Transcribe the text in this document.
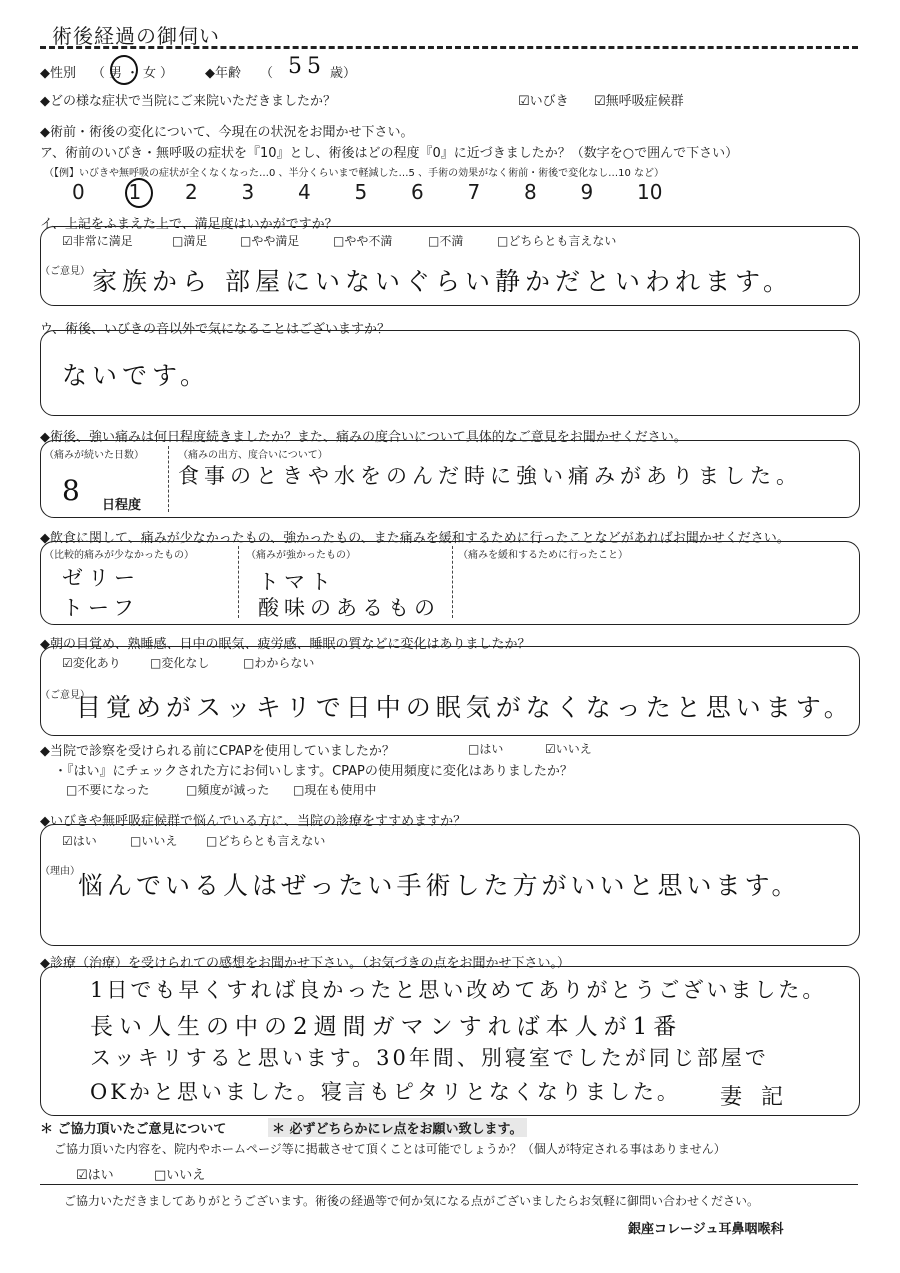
術後経過の御伺い
◆性別 （男・女） ◆年齢 （ 55 歳）
◆どの様な症状で当院にご来院いただきましたか？	☑いびき ☑無呼吸症候群
◆術前・術後の変化について、今現在の状況をお聞かせ下さい。
ア、術前のいびき・無呼吸の症状を『10』とし、術後はどの程度『0』に近づきましたか？（数字を○で囲んで下さい）
（【例】いびきや無呼吸の症状が全くなくなった…0 、半分くらいまで軽減した…5 、手術の効果がなく術前・術後で変化なし…10 など）
0 1 2 3 4 5 6 7 8 9 10
イ、上記をふまえた上で、満足度はいかがですか？
☑非常に満足	□満足	□やや満足	□やや不満	□不満	□どちらとも言えない
（ご意見） 家族から 部屋にいないぐらい静かだといわれます。
ウ、術後、いびきの音以外で気になることはございますか？
ないです。
◆術後、強い痛みは何日程度続きましたか？また、痛みの度合いについて具体的なご意見をお聞かせください。
（痛みが続いた日数）
8 日程度
（痛みの出方、度合いについて）
食事のときや水をのんだ時に強い痛みがありました。
◆飲食に関して、痛みが少なかったもの、強かったもの、また痛みを緩和するために行ったことなどがあればお聞かせください。
（比較的痛みが少なかったもの）
ゼリー
トーフ
（痛みが強かったもの）
トマト
酸味のあるもの
（痛みを緩和するために行ったこと）
◆朝の目覚め、熟睡感、日中の眠気、疲労感、睡眠の質などに変化はありましたか？
☑変化あり □変化なし	□わからない
（ご意見）
目覚めがスッキリで日中の眠気がなくなったと思います。
◆当院で診察を受けられる前にCPAPを使用していましたか？	□はい	☑いいえ
・『はい』にチェックされた方にお伺いします。CPAPの使用頻度に変化はありましたか？
□不要になった	□頻度が減った □現在も使用中
◆いびきや無呼吸症候群で悩んでいる方に、当院の診療をすすめますか？
☑はい	□いいえ □どちらとも言えない
（理由）
悩んでいる人はぜったい手術した方がいいと思います。
◆診療（治療）を受けられての感想をお聞かせ下さい。（お気づきの点をお聞かせ下さい。）
1日でも早くすれば良かったと思い改めてありがとうございました。
長い人生の中の2週間ガマンすれば本人が1番
スッキリすると思います。30年間、別寝室でしたが同じ部屋で
OKかと思いました。寝言もピタリとなくなりました。 妻 記
＊ ご協力頂いたご意見について	＊ 必ずどちらかにレ点をお願い致します。
ご協力頂いた内容を、院内やホームページ等に掲載させて頂くことは可能でしょうか？（個人が特定される事はありません）
☑はい	□いいえ
ご協力いただきましてありがとうございます。術後の経過等で何か気になる点がございましたらお気軽に御問い合わせください。
銀座コレージュ耳鼻咽喉科
